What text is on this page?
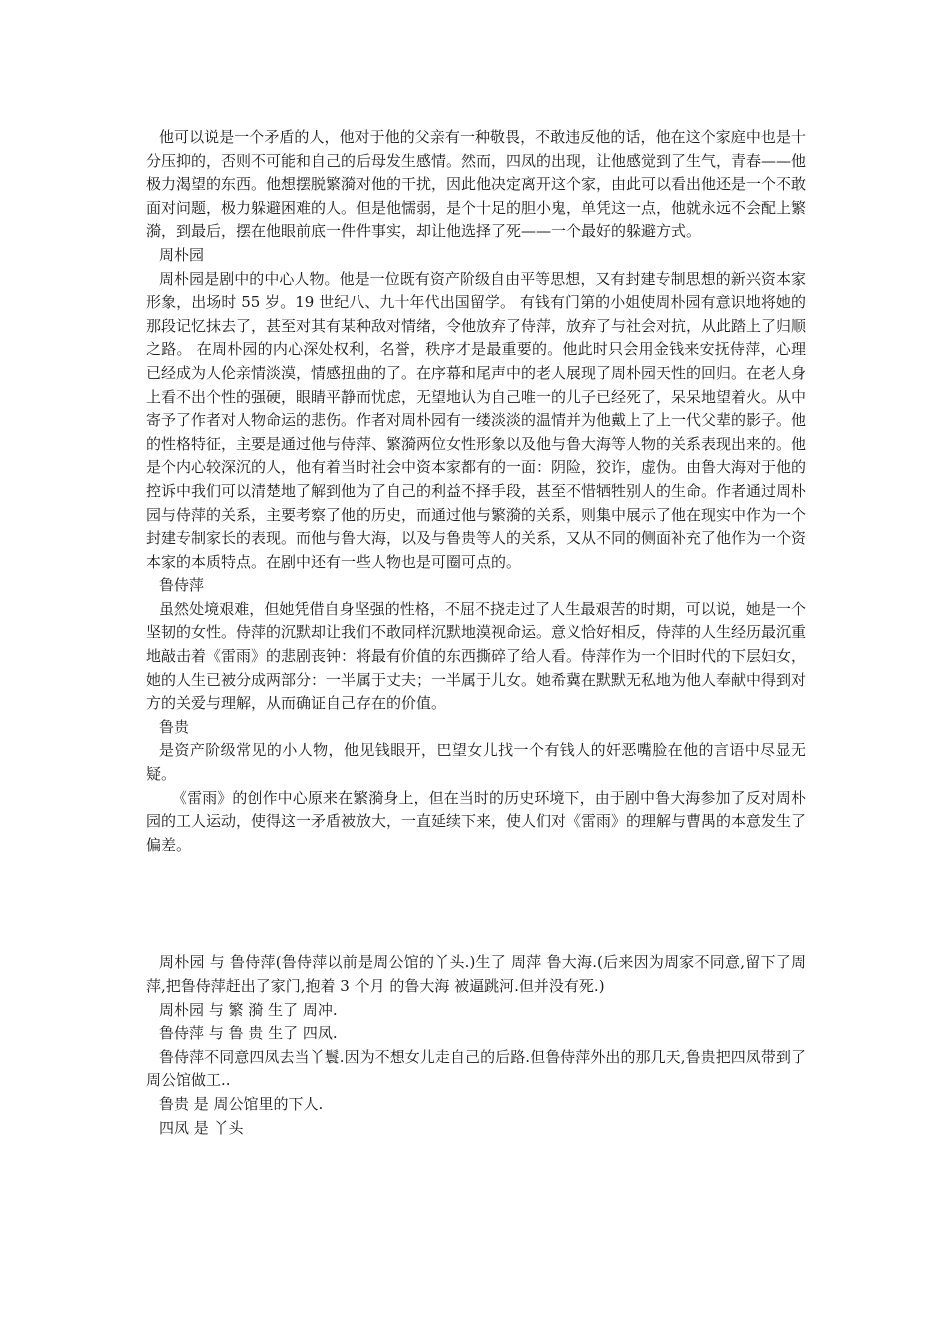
他可以说是一个矛盾的人，他对于他的父亲有一种敬畏，不敢违反他的话，他在这个家庭中也是十分压抑的，否则不可能和自己的后母发生感情。然而，四凤的出现，让他感觉到了生气，青春——他极力渴望的东西。他想摆脱繁漪对他的干扰，因此他决定离开这个家，由此可以看出他还是一个不敢面对问题，极力躲避困难的人。但是他懦弱，是个十足的胆小鬼，单凭这一点，他就永远不会配上繁漪，到最后，摆在他眼前底一件件事实，却让他选择了死——一个最好的躲避方式。

周朴园

周朴园是剧中的中心人物。他是一位既有资产阶级自由平等思想，又有封建专制思想的新兴资本家形象，出场时 55 岁。19 世纪八、九十年代出国留学。 有钱有门第的小姐使周朴园有意识地将她的那段记忆抹去了，甚至对其有某种敌对情绪，令他放弃了侍萍，放弃了与社会对抗，从此踏上了归顺之路。 在周朴园的内心深处权利，名誉，秩序才是最重要的。他此时只会用金钱来安抚侍萍，心理已经成为人伦亲情淡漠，情感扭曲的了。在序幕和尾声中的老人展现了周朴园天性的回归。在老人身上看不出个性的强硬，眼睛平静而忧虑，无望地认为自己唯一的儿子已经死了，呆呆地望着火。从中寄予了作者对人物命运的悲伤。作者对周朴园有一缕淡淡的温情并为他戴上了上一代父辈的影子。他的性格特征，主要是通过他与侍萍、繁漪两位女性形象以及他与鲁大海等人物的关系表现出来的。他是个内心较深沉的人，他有着当时社会中资本家都有的一面：阴险，狡诈，虚伪。由鲁大海对于他的控诉中我们可以清楚地了解到他为了自己的利益不择手段，甚至不惜牺牲别人的生命。作者通过周朴园与侍萍的关系，主要考察了他的历史，而通过他与繁漪的关系，则集中展示了他在现实中作为一个封建专制家长的表现。而他与鲁大海，以及与鲁贵等人的关系，又从不同的侧面补充了他作为一个资本家的本质特点。在剧中还有一些人物也是可圈可点的。

鲁侍萍

虽然处境艰难，但她凭借自身坚强的性格，不屈不挠走过了人生最艰苦的时期，可以说，她是一个坚韧的女性。侍萍的沉默却让我们不敢同样沉默地漠视命运。意义恰好相反，侍萍的人生经历最沉重地敲击着《雷雨》的悲剧丧钟：将最有价值的东西撕碎了给人看。侍萍作为一个旧时代的下层妇女，她的人生已被分成两部分：一半属于丈夫；一半属于儿女。她希冀在默默无私地为他人奉献中得到对方的关爱与理解，从而确证自己存在的价值。

鲁贵

是资产阶级常见的小人物，他见钱眼开，巴望女儿找一个有钱人的奸恶嘴脸在他的言语中尽显无疑。

《雷雨》的创作中心原来在繁漪身上，但在当时的历史环境下，由于剧中鲁大海参加了反对周朴园的工人运动，使得这一矛盾被放大，一直延续下来，使人们对《雷雨》的理解与曹禺的本意发生了偏差。

周朴园 与 鲁侍萍(鲁侍萍以前是周公馆的丫头.)生了 周萍 鲁大海.(后来因为周家不同意,留下了周萍,把鲁侍萍赶出了家门,抱着 3 个月 的鲁大海 被逼跳河.但并没有死.)

周朴园 与 繁 漪 生了 周冲.

鲁侍萍 与 鲁 贵 生了 四凤.

鲁侍萍不同意四凤去当丫鬟.因为不想女儿走自己的后路.但鲁侍萍外出的那几天,鲁贵把四凤带到了周公馆做工..

鲁贵 是 周公馆里的下人.

四凤 是 丫头
